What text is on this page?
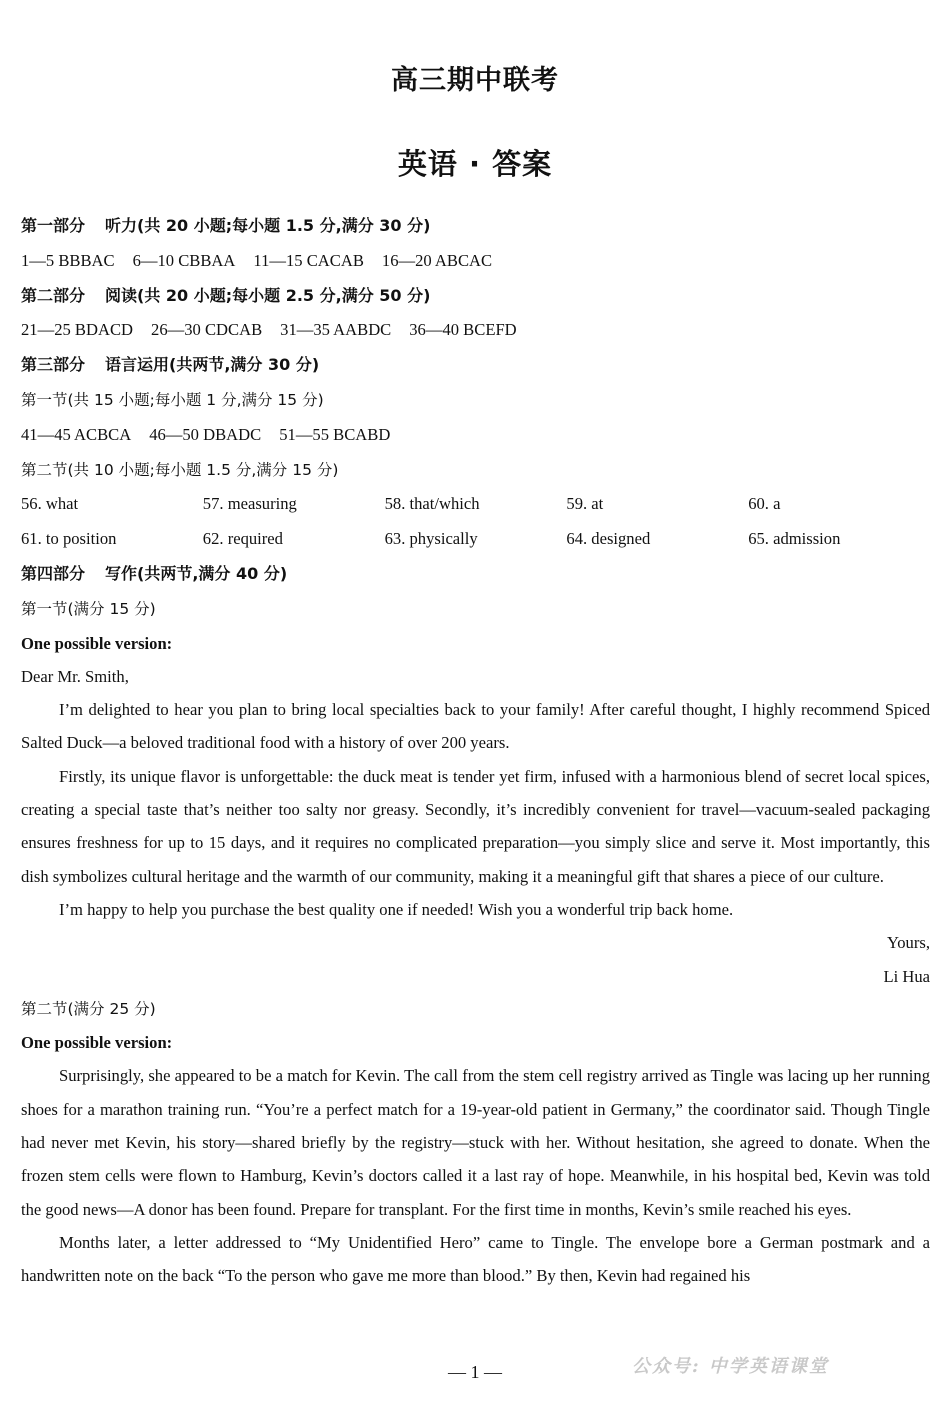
高三期中联考
英语 · 答案
第一部分 听力(共 20 小题;每小题 1.5 分,满分 30 分)
1—5 BBBAC 6—10 CBBAA 11—15 CACAB 16—20 ABCAC
第二部分 阅读(共 20 小题;每小题 2.5 分,满分 50 分)
21—25 BDACD 26—30 CDCAB 31—35 AABDC 36—40 BCEFD
第三部分 语言运用(共两节,满分 30 分)
第一节(共 15 小题;每小题 1 分,满分 15 分)
41—45 ACBCA 46—50 DBADC 51—55 BCABD
第二节(共 10 小题;每小题 1.5 分,满分 15 分)
56. what	57. measuring	58. that/which	59. at	60. a
61. to position	62. required	63. physically	64. designed	65. admission
第四部分 写作(共两节,满分 40 分)
第一节(满分 15 分)
One possible version:
Dear Mr. Smith,

I’m delighted to hear you plan to bring local specialties back to your family! After careful thought, I highly recommend Spiced Salted Duck—a beloved traditional food with a history of over 200 years.

Firstly, its unique flavor is unforgettable: the duck meat is tender yet firm, infused with a harmonious blend of secret local spices, creating a special taste that’s neither too salty nor greasy. Secondly, it’s incredibly convenient for travel—vacuum-sealed packaging ensures freshness for up to 15 days, and it requires no complicated preparation—you simply slice and serve it. Most importantly, this dish symbolizes cultural heritage and the warmth of our community, making it a meaningful gift that shares a piece of our culture.

I’m happy to help you purchase the best quality one if needed! Wish you a wonderful trip back home.

Yours,
Li Hua
第二节(满分 25 分)
One possible version:

Surprisingly, she appeared to be a match for Kevin. The call from the stem cell registry arrived as Tingle was lacing up her running shoes for a marathon training run. “You’re a perfect match for a 19-year-old patient in Germany,” the coordinator said. Though Tingle had never met Kevin, his story—shared briefly by the registry—stuck with her. Without hesitation, she agreed to donate. When the frozen stem cells were flown to Hamburg, Kevin’s doctors called it a last ray of hope. Meanwhile, in his hospital bed, Kevin was told the good news—A donor has been found. Prepare for transplant. For the first time in months, Kevin’s smile reached his eyes.

Months later, a letter addressed to “My Unidentified Hero” came to Tingle. The envelope bore a German postmark and a handwritten note on the back “To the person who gave me more than blood.” By then, Kevin had regained his

— 1 —	公众号: 中学英语课堂
